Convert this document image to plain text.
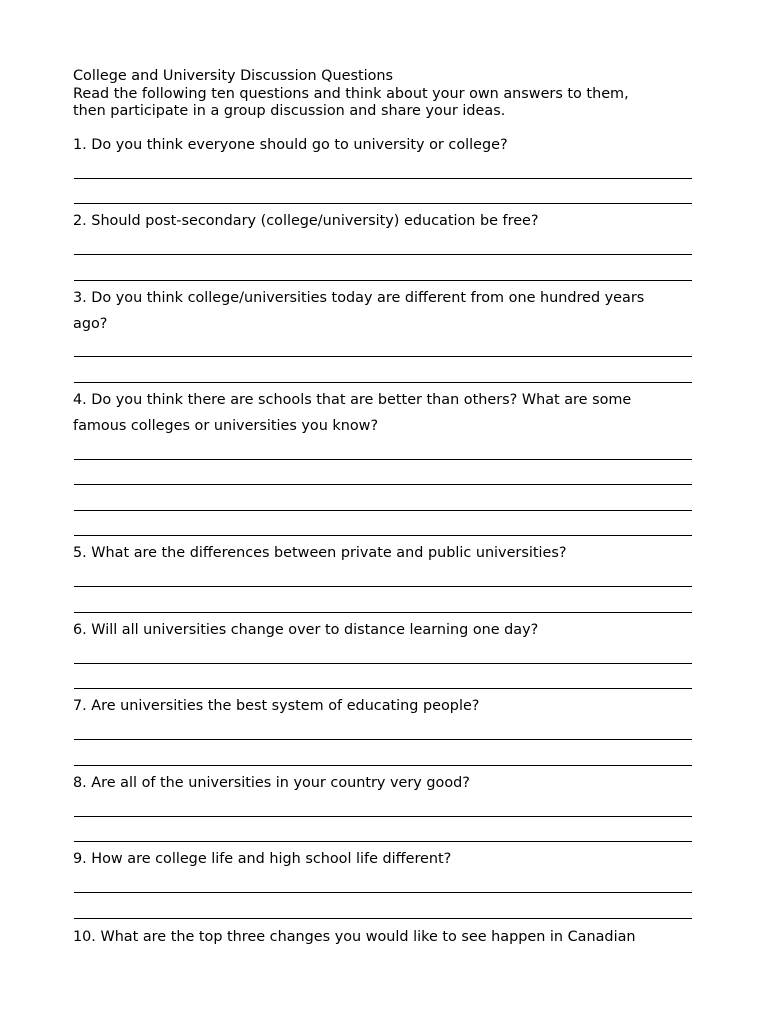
College and University Discussion Questions

Read the following ten questions and think about your own answers to them,

then participate in a group discussion and share your ideas.

1. Do you think everyone should go to university or college?

2. Should post-secondary (college/university) education be free?

3. Do you think college/universities today are different from one hundred years

ago?

4. Do you think there are schools that are better than others? What are some

famous colleges or universities you know?

5. What are the differences between private and public universities?

6. Will all universities change over to distance learning one day?

7. Are universities the best system of educating people?

8. Are all of the universities in your country very good?

9. How are college life and high school life different?

10. What are the top three changes you would like to see happen in Canadian
